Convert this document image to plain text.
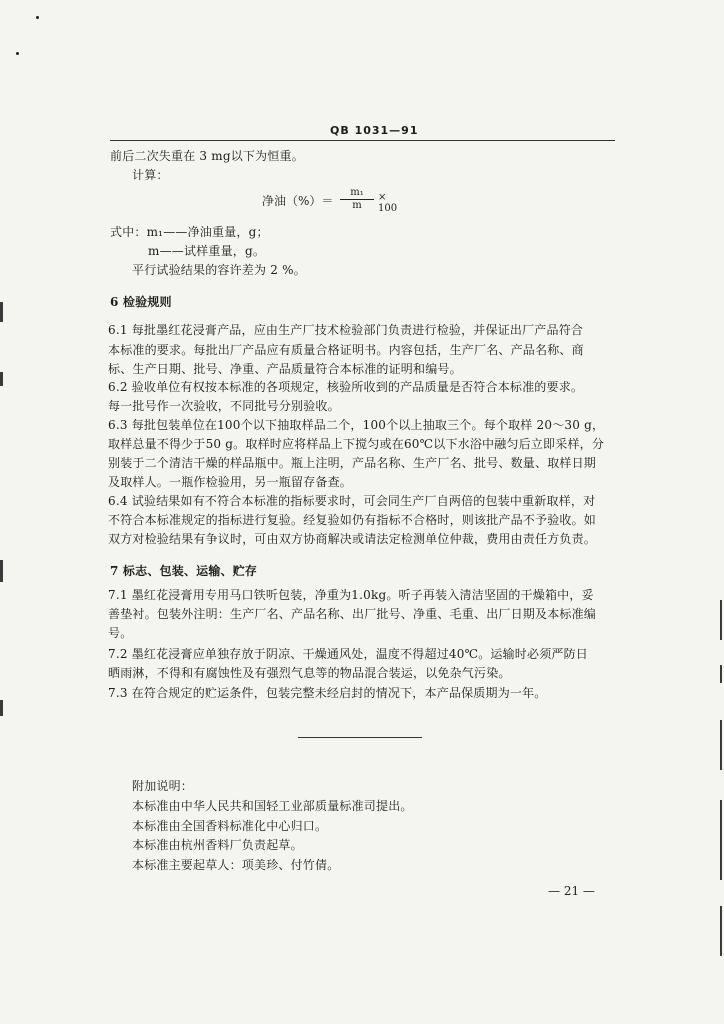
QB 1031—91
前后二次失重在 3 mg以下为恒重。
计算：
净油（%）＝ $\frac{\text{m₁}}{m} \times 100$
式中：m₁——净油重量，g；
m——试样重量，g。
平行试验结果的容许差为 2 %。
6 检验规则
6.1 每批墨红花浸膏产品，应由生产厂技术检验部门负责进行检验，并保证出厂产品符合
本标准的要求。每批出厂产品应有质量合格证明书。内容包括，生产厂名、产品名称、商
标、生产日期、批号、净重、产品质量符合本标准的证明和编号。
6.2 验收单位有权按本标准的各项规定，核验所收到的产品质量是否符合本标准的要求。
每一批号作一次验收，不同批号分别验收。
6.3 每批包装单位在100个以下抽取样品二个，100个以上抽取三个。每个取样 20～30 g，
取样总量不得少于50 g。取样时应将样品上下搅匀或在60℃以下水浴中融匀后立即采样，分
别装于二个清洁干燥的样品瓶中。瓶上注明，产品名称、生产厂名、批号、数量、取样日期
及取样人。一瓶作检验用，另一瓶留存备查。
6.4 试验结果如有不符合本标准的指标要求时，可会同生产厂自两倍的包装中重新取样，对
不符合本标准规定的指标进行复验。经复验如仍有指标不合格时，则该批产品不予验收。如
双方对检验结果有争议时，可由双方协商解决或请法定检测单位仲裁，费用由责任方负责。
7 标志、包装、运输、贮存
7.1 墨红花浸膏用专用马口铁听包装，净重为1.0kg。听子再装入清洁坚固的干燥箱中，妥
善垫衬。包装外注明：生产厂名、产品名称、出厂批号、净重、毛重、出厂日期及本标准编
号。
7.2 墨红花浸膏应单独存放于阴凉、干燥通风处，温度不得超过40℃。运输时必须严防日
晒雨淋，不得和有腐蚀性及有强烈气息等的物品混合装运，以免杂气污染。
7.3 在符合规定的贮运条件，包装完整未经启封的情况下，本产品保质期为一年。
附加说明：
本标准由中华人民共和国轻工业部质量标准司提出。
本标准由全国香料标准化中心归口。
本标准由杭州香料厂负责起草。
本标准主要起草人：项美珍、付竹倩。
— 21 —
